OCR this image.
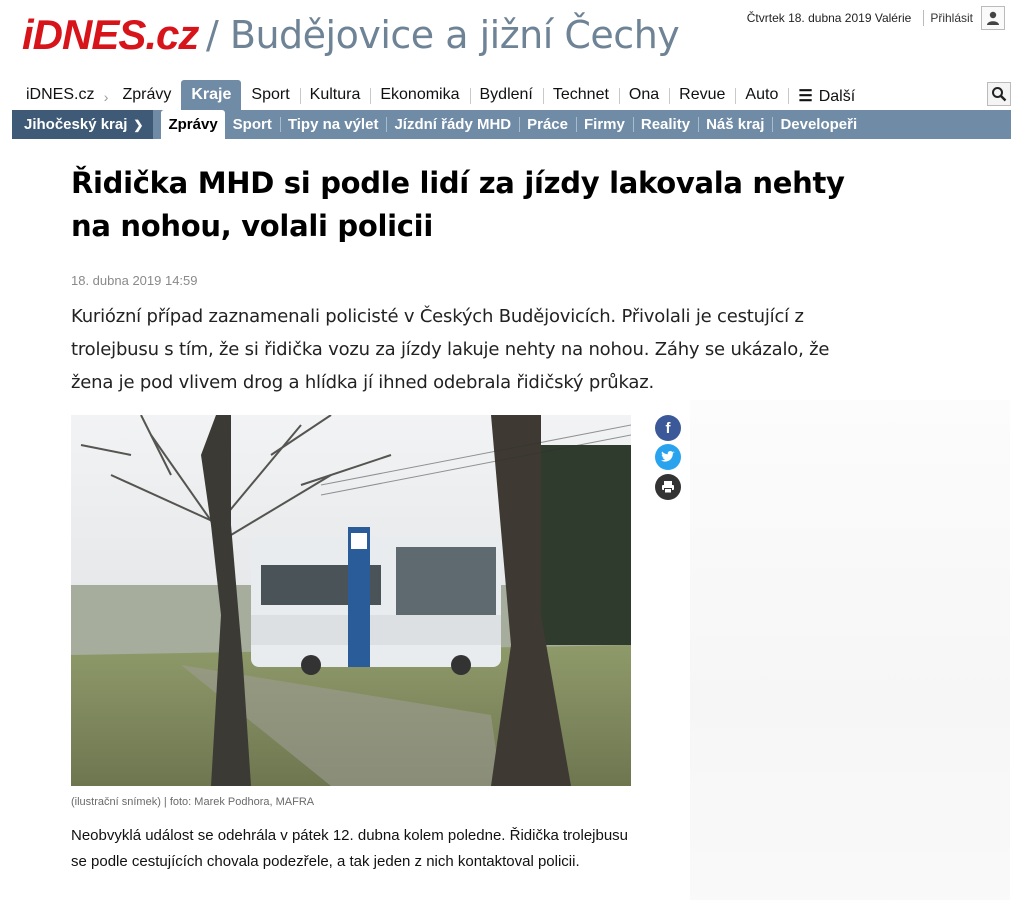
iDNES.cz / Budějovice a jižní Čechy	Čtvrtek 18. dubna 2019 Valérie	Přihlásit
iDNES.cz › Zprávy	Kraje	Sport	Kultura	Ekonomika	Bydlení	Technet	Ona	Revue	Auto	☰ Další
Jihočeský kraj ❯	Zprávy	Sport	Tipy na výlet	Jízdní řády MHD	Práce	Firmy	Reality	Náš kraj	Developeři
Řidička MHD si podle lidí za jízdy lakovala nehty na nohou, volali policii
18. dubna 2019 14:59

Kuriózní případ zaznamenali policisté v Českých Budějovicích. Přivolali je cestující z trolejbusu s tím, že si řidička vozu za jízdy lakuje nehty na nohou. Záhy se ukázalo, že žena je pod vlivem drog a hlídka jí ihned odebrala řidičský průkaz.

f
(ilustrační snímek) | foto: Marek Podhora, MAFRA

Neobvyklá událost se odehrála v pátek 12. dubna kolem poledne. Řidička trolejbusu se podle cestujících chovala podezřele, a tak jeden z nich kontaktoval policii.
